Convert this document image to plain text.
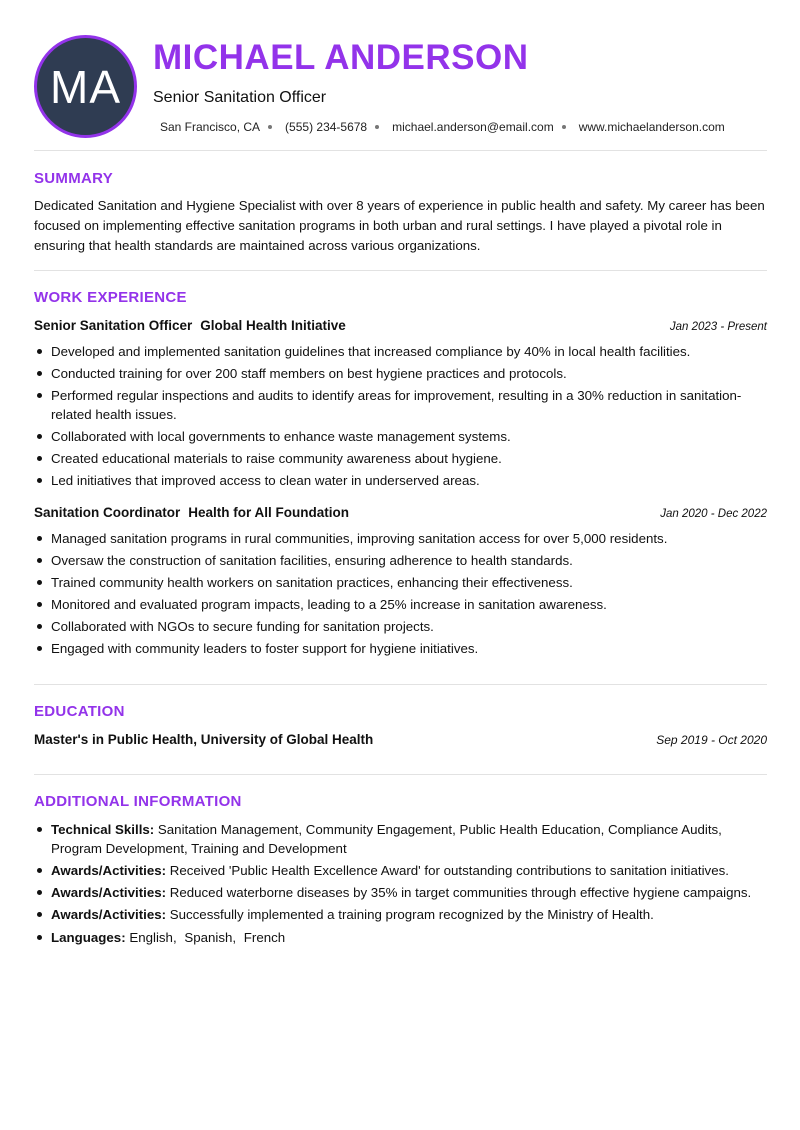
MA
MICHAEL ANDERSON
Senior Sanitation Officer
San Francisco, CA (555) 234-5678 michael.anderson@email.com www.michaelanderson.com
SUMMARY
Dedicated Sanitation and Hygiene Specialist with over 8 years of experience in public health and safety. My career has been focused on implementing effective sanitation programs in both urban and rural settings. I have played a pivotal role in ensuring that health standards are maintained across various organizations.
WORK EXPERIENCE
Senior Sanitation Officer Global Health Initiative	Jan 2023 - Present
Developed and implemented sanitation guidelines that increased compliance by 40% in local health facilities.
Conducted training for over 200 staff members on best hygiene practices and protocols.
Performed regular inspections and audits to identify areas for improvement, resulting in a 30% reduction in sanitation-related health issues.
Collaborated with local governments to enhance waste management systems.
Created educational materials to raise community awareness about hygiene.
Led initiatives that improved access to clean water in underserved areas.
Sanitation Coordinator Health for All Foundation	Jan 2020 - Dec 2022
Managed sanitation programs in rural communities, improving sanitation access for over 5,000 residents.
Oversaw the construction of sanitation facilities, ensuring adherence to health standards.
Trained community health workers on sanitation practices, enhancing their effectiveness.
Monitored and evaluated program impacts, leading to a 25% increase in sanitation awareness.
Collaborated with NGOs to secure funding for sanitation projects.
Engaged with community leaders to foster support for hygiene initiatives.
EDUCATION
Master's in Public Health, University of Global Health	Sep 2019 - Oct 2020
ADDITIONAL INFORMATION
Technical Skills: Sanitation Management, Community Engagement, Public Health Education, Compliance Audits, Program Development, Training and Development
Awards/Activities: Received 'Public Health Excellence Award' for outstanding contributions to sanitation initiatives.
Awards/Activities: Reduced waterborne diseases by 35% in target communities through effective hygiene campaigns.
Awards/Activities: Successfully implemented a training program recognized by the Ministry of Health.
Languages: English, Spanish, French
